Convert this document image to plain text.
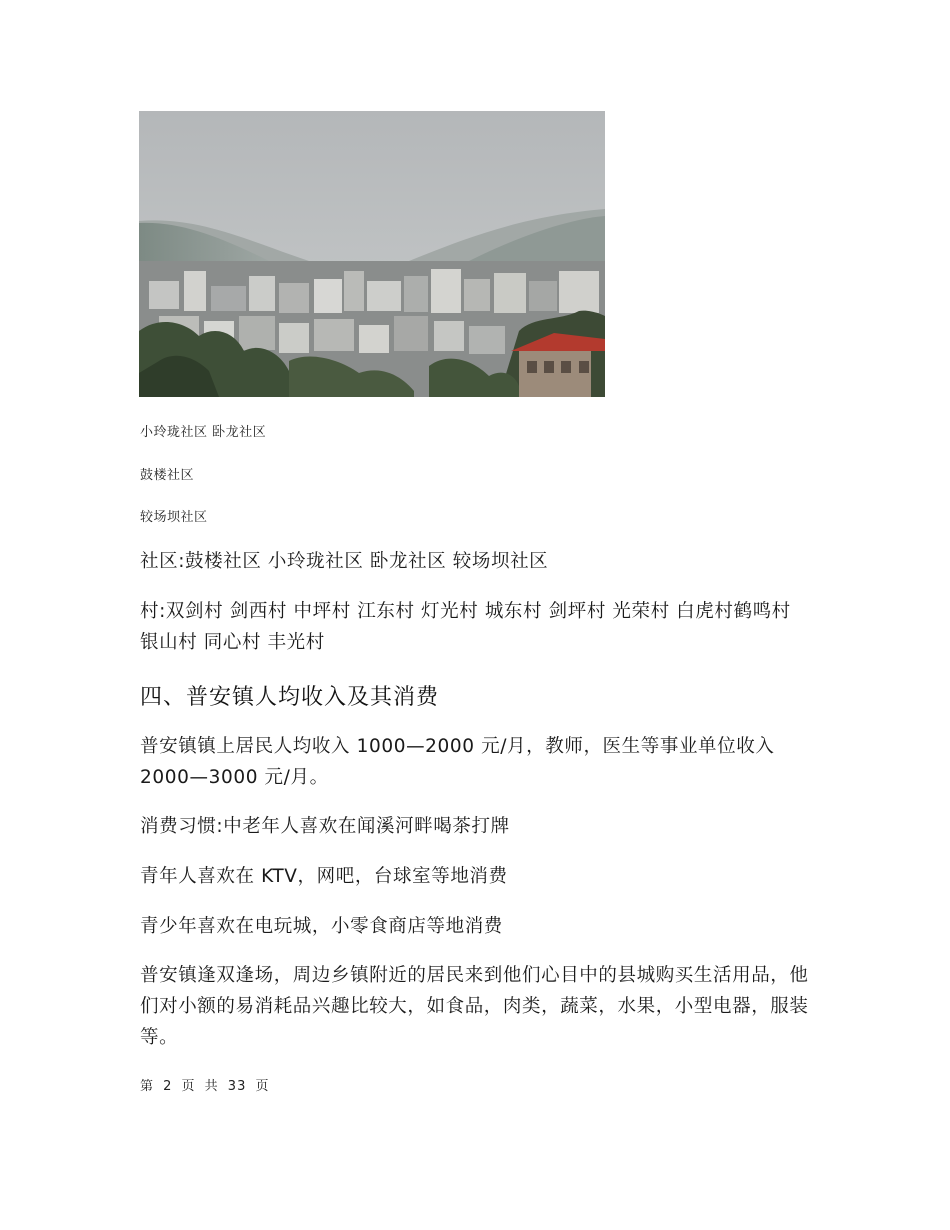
小玲珑社区 卧龙社区
鼓楼社区
较场坝社区
社区:鼓楼社区 小玲珑社区 卧龙社区 较场坝社区
村:双剑村 剑西村 中坪村 江东村 灯光村 城东村 剑坪村 光荣村 白虎村鹤鸣村 银山村 同心村 丰光村
四、普安镇人均收入及其消费
普安镇镇上居民人均收入 1000—2000 元/月，教师，医生等事业单位收入 2000—3000 元/月。
消费习惯:中老年人喜欢在闻溪河畔喝茶打牌
青年人喜欢在 KTV，网吧，台球室等地消费
青少年喜欢在电玩城，小零食商店等地消费
普安镇逢双逢场，周边乡镇附近的居民来到他们心目中的县城购买生活用品，他们对小额的易消耗品兴趣比较大，如食品，肉类，蔬菜，水果，小型电器，服装等。
第 2 页 共 33 页
